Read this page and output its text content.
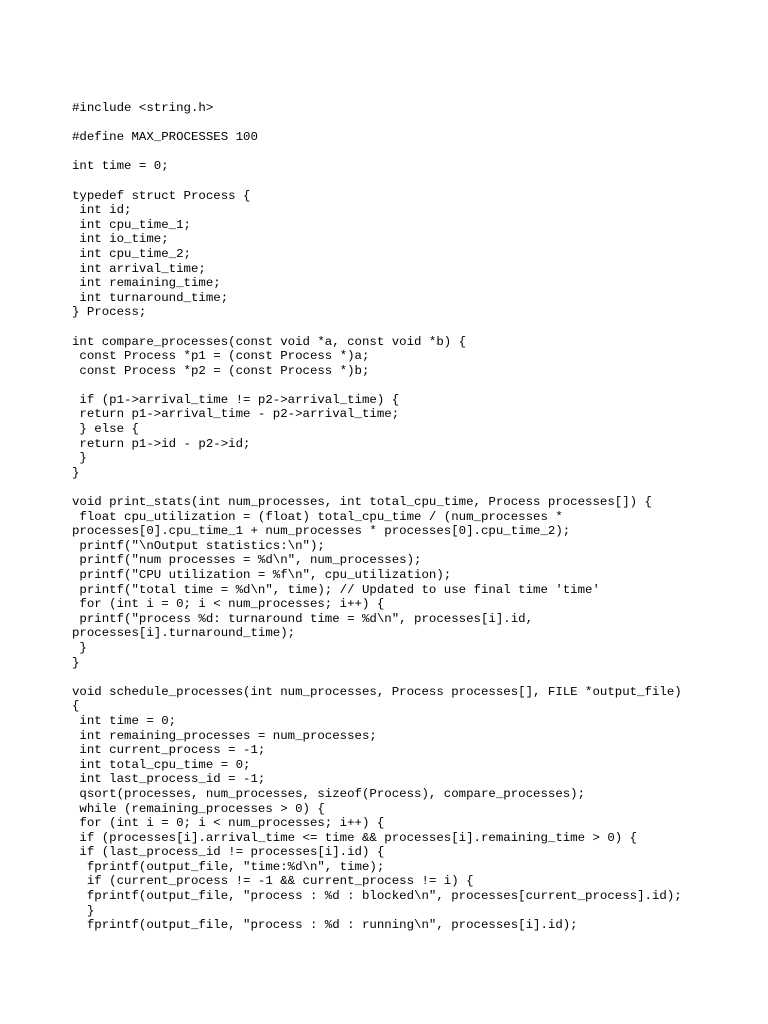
#include <string.h>
#define MAX_PROCESSES 100
int time = 0;
typedef struct Process {
int id;
int cpu_time_1;
int io_time;
int cpu_time_2;
int arrival_time;
int remaining_time;
int turnaround_time;
} Process;
int compare_processes(const void *a, const void *b) {
const Process *p1 = (const Process *)a;
const Process *p2 = (const Process *)b;
if (p1->arrival_time != p2->arrival_time) {
return p1->arrival_time - p2->arrival_time;
} else {
return p1->id - p2->id;
}
}
void print_stats(int num_processes, int total_cpu_time, Process processes[]) {
float cpu_utilization = (float) total_cpu_time / (num_processes *
processes[0].cpu_time_1 + num_processes * processes[0].cpu_time_2);
printf("\nOutput statistics:\n");
printf("num processes = %d\n", num_processes);
printf("CPU utilization = %f\n", cpu_utilization);
printf("total time = %d\n", time); // Updated to use final time 'time'
for (int i = 0; i < num_processes; i++) {
printf("process %d: turnaround time = %d\n", processes[i].id,
processes[i].turnaround_time);
}
}
void schedule_processes(int num_processes, Process processes[], FILE *output_file)
{
int time = 0;
int remaining_processes = num_processes;
int current_process = -1;
int total_cpu_time = 0;
int last_process_id = -1;
qsort(processes, num_processes, sizeof(Process), compare_processes);
while (remaining_processes > 0) {
for (int i = 0; i < num_processes; i++) {
if (processes[i].arrival_time <= time && processes[i].remaining_time > 0) {
if (last_process_id != processes[i].id) {
fprintf(output_file, "time:%d\n", time);
if (current_process != -1 && current_process != i) {
fprintf(output_file, "process : %d : blocked\n", processes[current_process].id);
}
fprintf(output_file, "process : %d : running\n", processes[i].id);
